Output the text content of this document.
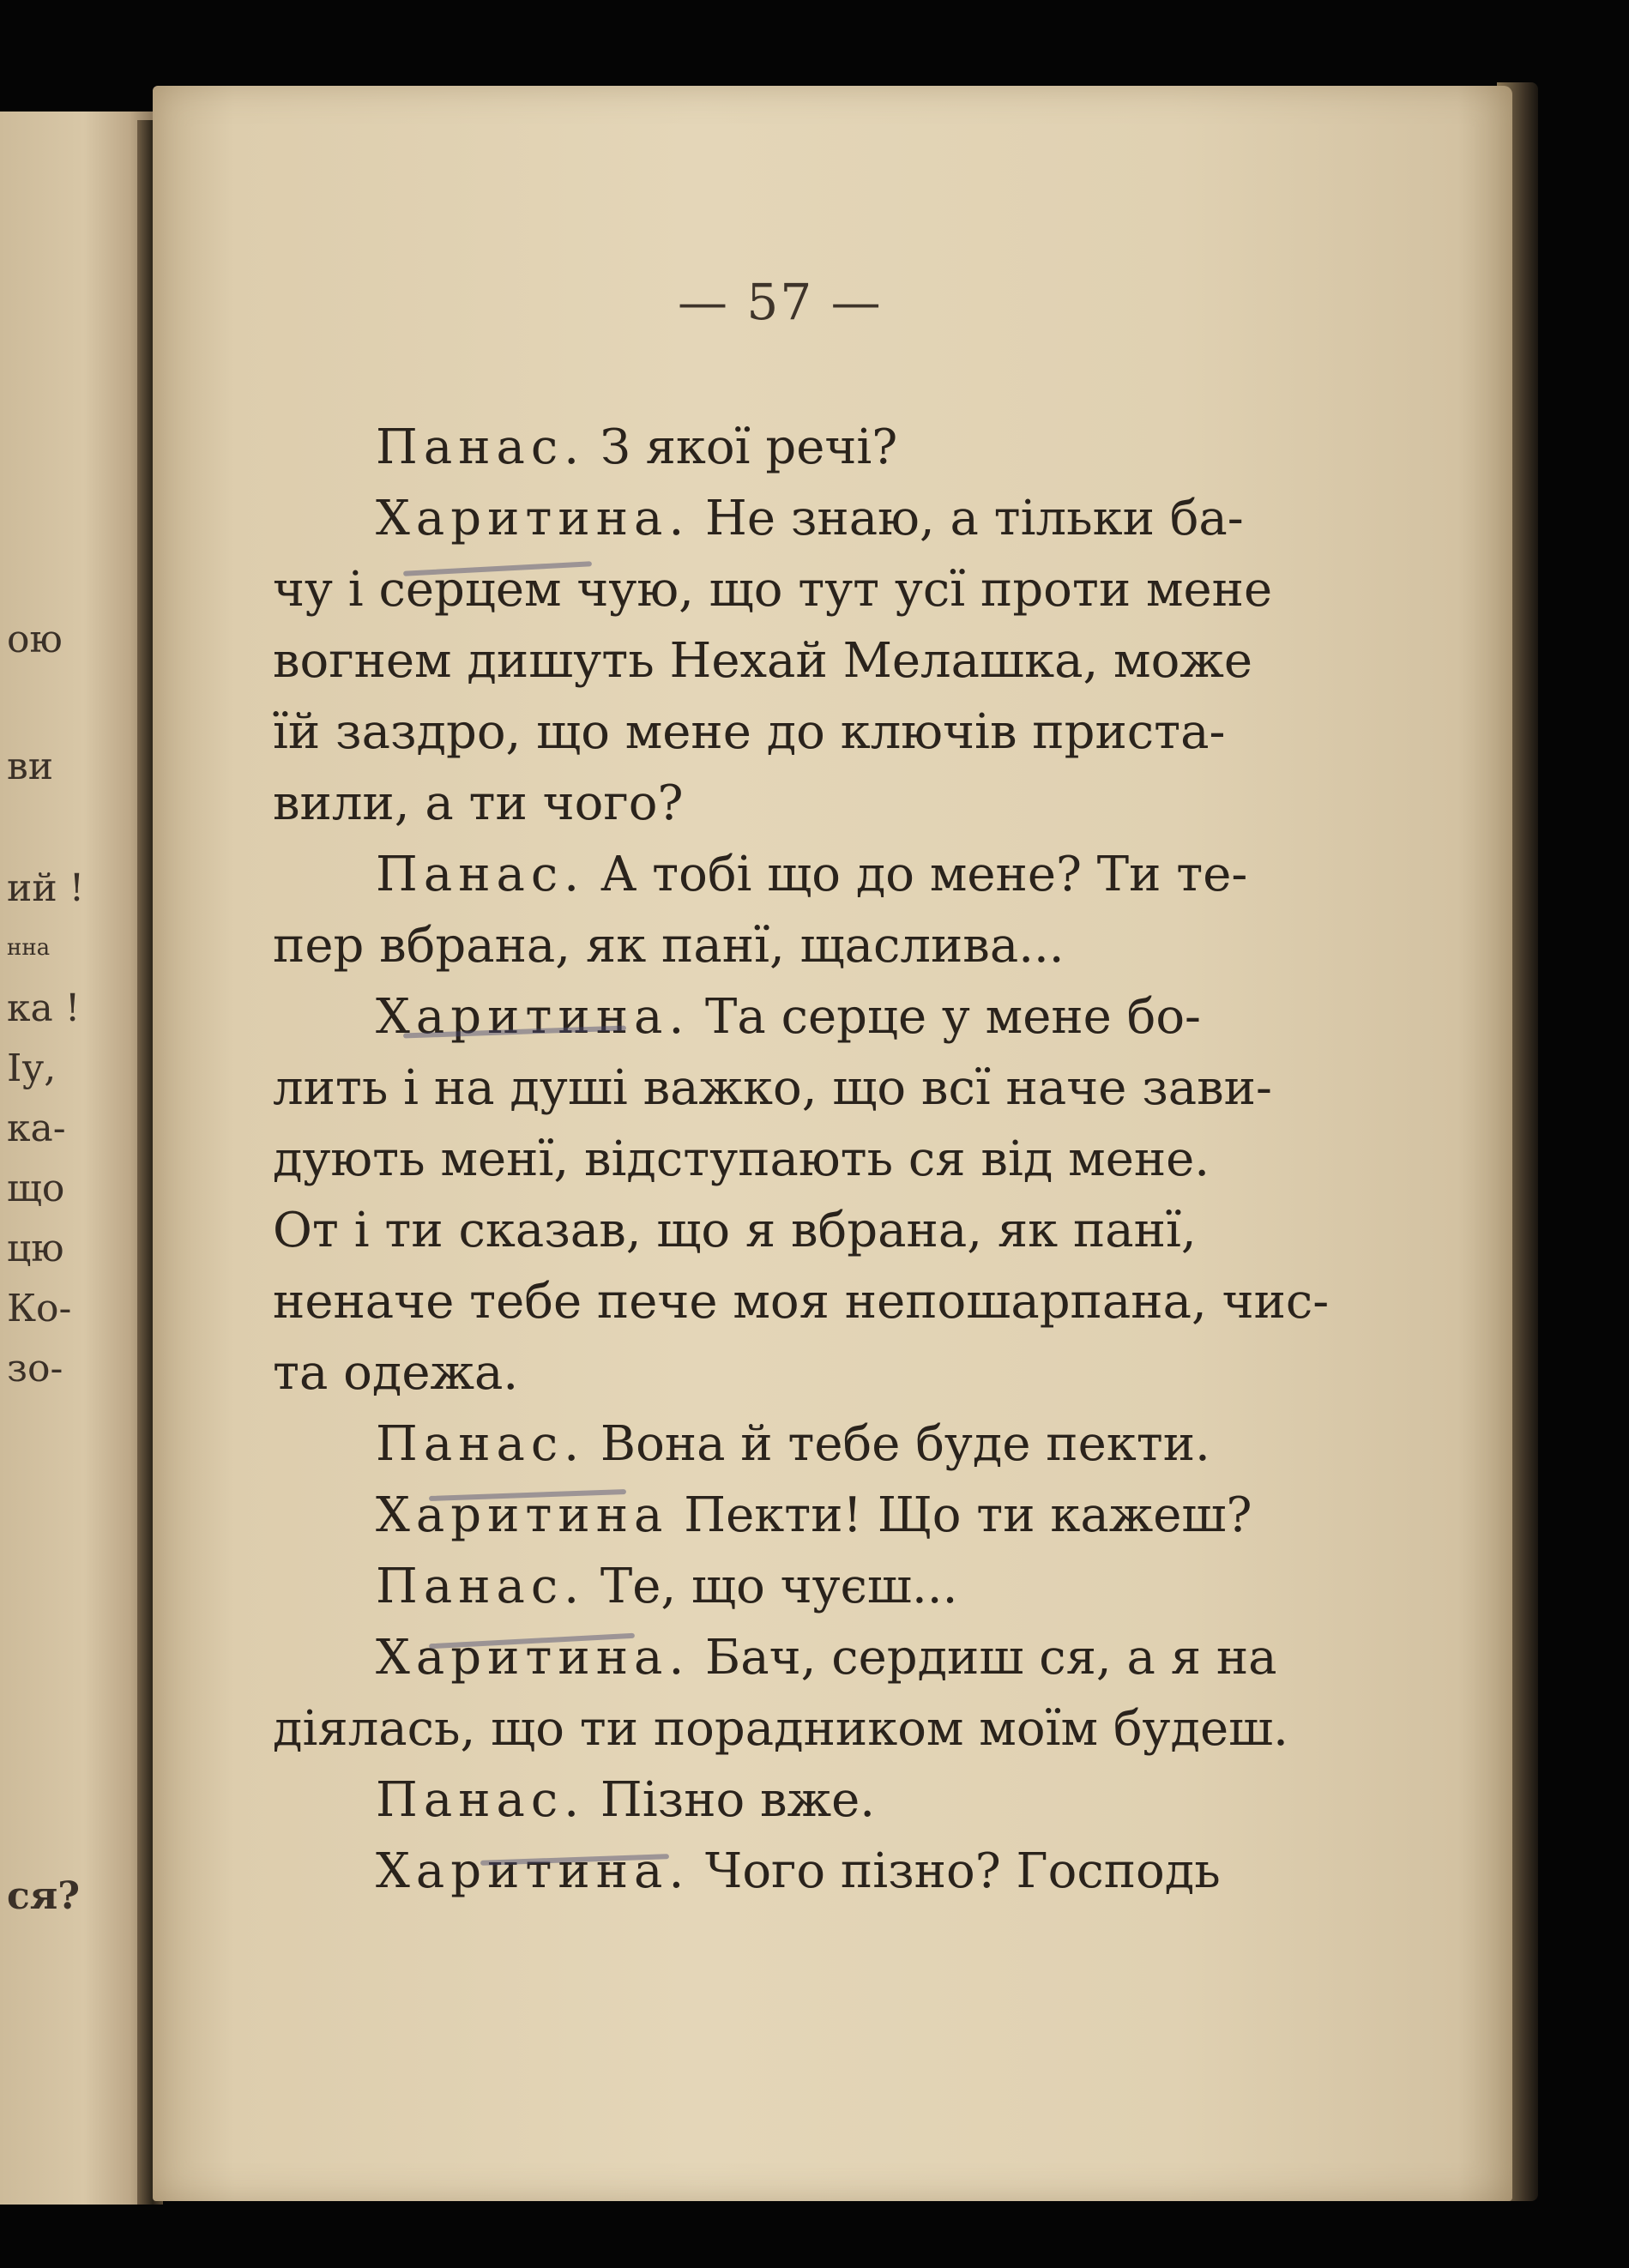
ою
ви
ий !
нна
ка !
Iу,
ка-
що
цю
Ко-
зо-
ся?
— 57 —
Панас. З якої речі?
Харитина. Не знаю, а тільки ба-
чу і серцем чую, що тут усї проти мене
вогнем дишуть Нехай Мелашка, може
їй заздро, що мене до ключів приста-
вили, а ти чого?
Панас. А тобі що до мене? Ти те-
пер вбрана, як панї, щаслива...
Харитина. Та серце у мене бо-
лить і на душі важко, що всї наче зави-
дують менї, відступають ся від мене.
От і ти сказав, що я вбрана, як панї,
неначе тебе пече моя непошарпана, чис-
та одежа.
Панас. Вона й тебе буде пекти.
Харитина Пекти! Що ти кажеш?
Панас. Те, що чуєш...
Харитина. Бач, сердиш ся, а я на
діялась, що ти порадником моїм будеш.
Панас. Пізно вже.
Харитина. Чого пізно? Господь
